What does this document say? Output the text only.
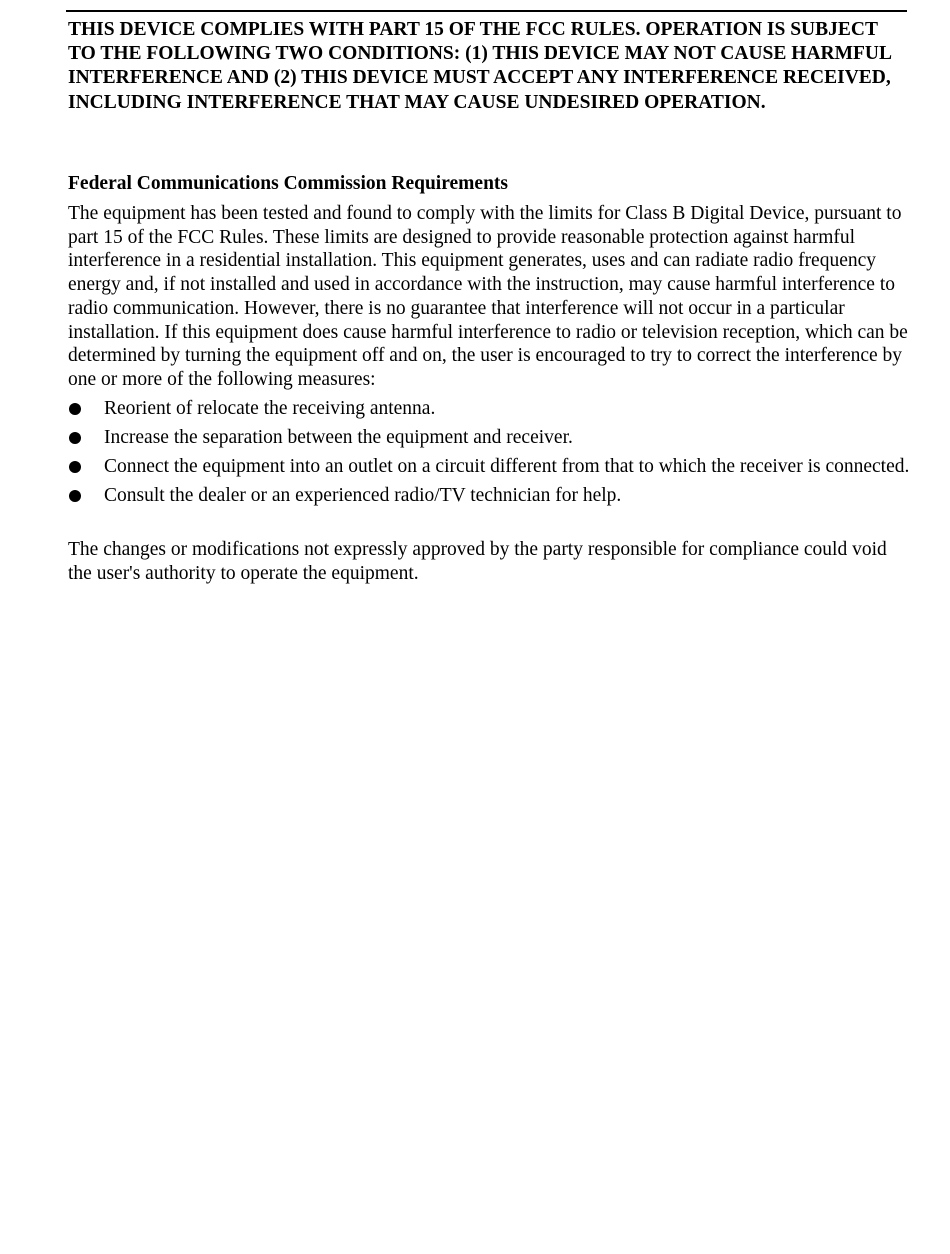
THIS DEVICE COMPLIES WITH PART 15 OF THE FCC RULES. OPERATION IS SUBJECT TO THE FOLLOWING TWO CONDITIONS: (1) THIS DEVICE MAY NOT CAUSE HARMFUL INTERFERENCE AND (2) THIS DEVICE MUST ACCEPT ANY INTERFERENCE RECEIVED, INCLUDING INTERFERENCE THAT MAY CAUSE UNDESIRED OPERATION.

Federal Communications Commission Requirements

The equipment has been tested and found to comply with the limits for Class B Digital Device, pursuant to part 15 of the FCC Rules. These limits are designed to provide reasonable protection against harmful interference in a residential installation. This equipment generates, uses and can radiate radio frequency energy and, if not installed and used in accordance with the instruction, may cause harmful interference to radio communication. However, there is no guarantee that interference will not occur in a particular installation. If this equipment does cause harmful interference to radio or television reception, which can be determined by turning the equipment off and on, the user is encouraged to try to correct the interference by one or more of the following measures:

Reorient of relocate the receiving antenna.
Increase the separation between the equipment and receiver.
Connect the equipment into an outlet on a circuit different from that to which the receiver is connected.
Consult the dealer or an experienced radio/TV technician for help.

The changes or modifications not expressly approved by the party responsible for compliance could void the user's authority to operate the equipment.
